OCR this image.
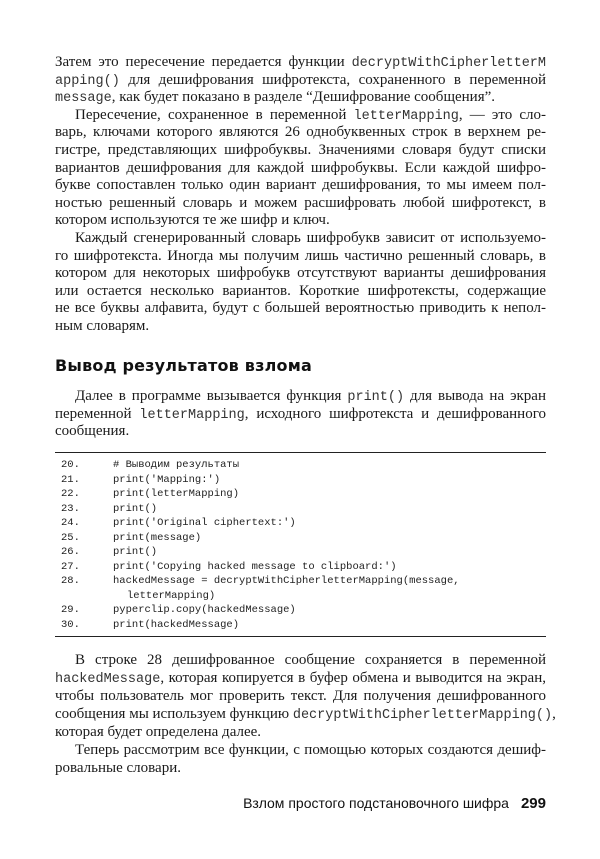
Затем это пересечение передается функции decryptWithCipherletterM
apping() для дешифрования шифротекста, сохраненного в переменной
message, как будет показано в разделе “Дешифрование сообщения”.
Пересечение, сохраненное в переменной letterMapping, — это сло-
варь, ключами которого являются 26 однобуквенных строк в верхнем ре-
гистре, представляющих шифробуквы. Значениями словаря будут списки
вариантов дешифрования для каждой шифробуквы. Если каждой шифро-
букве сопоставлен только один вариант дешифрования, то мы имеем пол-
ностью решенный словарь и можем расшифровать любой шифротекст, в
котором используются те же шифр и ключ.
Каждый сгенерированный словарь шифробукв зависит от используемо-
го шифротекста. Иногда мы получим лишь частично решенный словарь, в
котором для некоторых шифробукв отсутствуют варианты дешифрования
или остается несколько вариантов. Короткие шифротексты, содержащие
не все буквы алфавита, будут с большей вероятностью приводить к непол-
ным словарям.
Вывод результатов взлома
Далее в программе вызывается функция print() для вывода на экран
переменной letterMapping, исходного шифротекста и дешифрованного
сообщения.
20.	# Выводим результаты
21.	print('Mapping:')
22.	print(letterMapping)
23.	print()
24.	print('Original ciphertext:')
25.	print(message)
26.	print()
27.	print('Copying hacked message to clipboard:')
28.	hackedMessage = decryptWithCipherletterMapping(message,
letterMapping)
29.	pyperclip.copy(hackedMessage)
30.	print(hackedMessage)
В строке 28 дешифрованное сообщение сохраняется в переменной
hackedMessage, которая копируется в буфер обмена и выводится на экран,
чтобы пользователь мог проверить текст. Для получения дешифрованного
сообщения мы используем функцию decryptWithCipherletterMapping(),
которая будет определена далее.
Теперь рассмотрим все функции, с помощью которых создаются дешиф-
ровальные словари.
Взлом простого подстановочного шифра 299
